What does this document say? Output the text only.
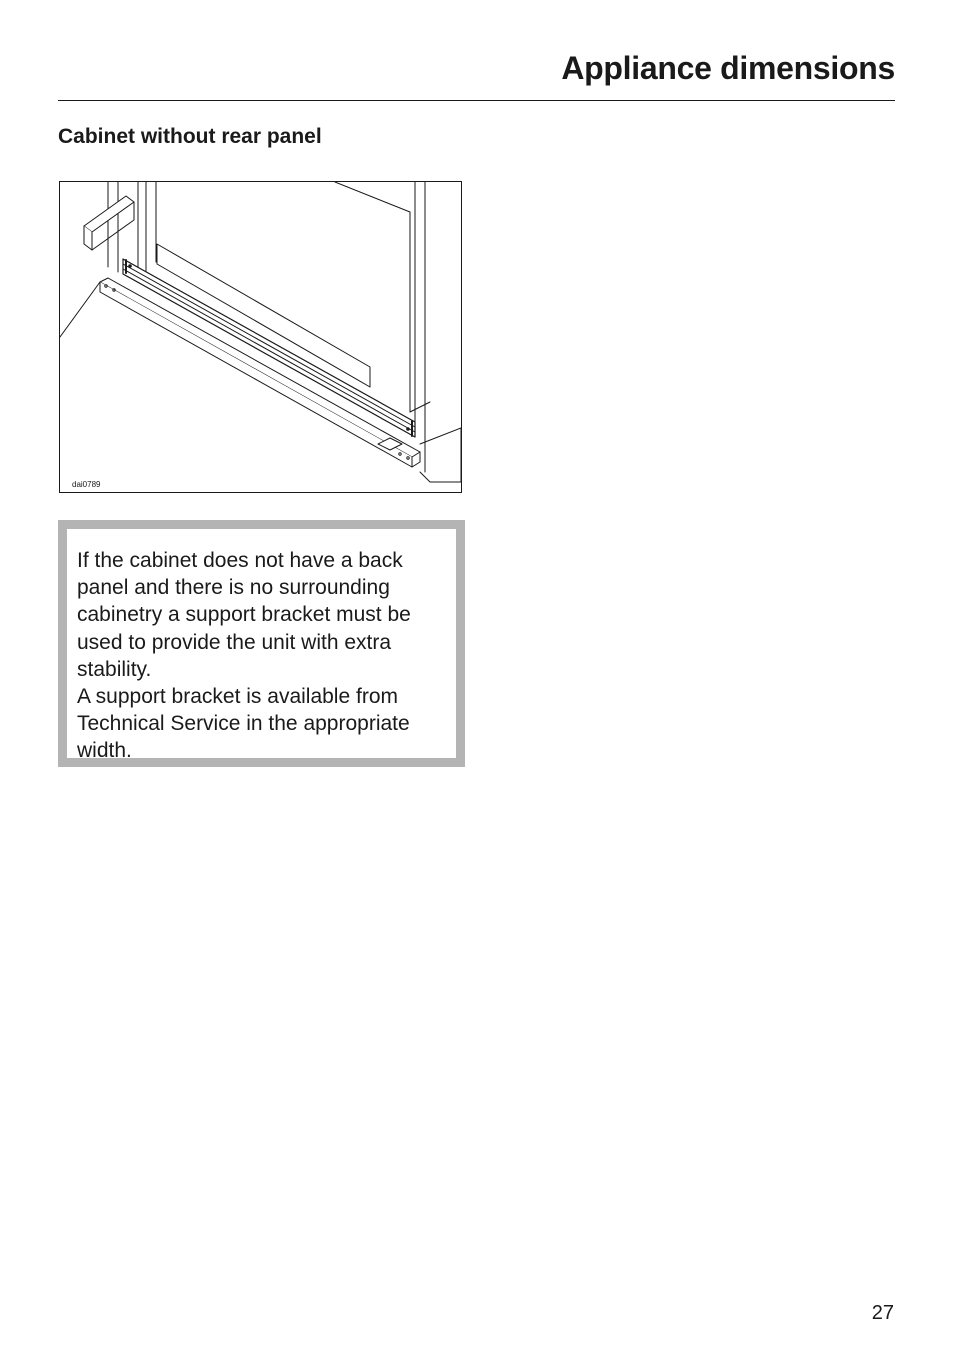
Appliance dimensions
Cabinet without rear panel
dai0789

If the cabinet does not have a back panel and there is no surrounding cabinetry a support bracket must be used to provide the unit with extra stability.
A support bracket is available from Technical Service in the appropriate width.

27
